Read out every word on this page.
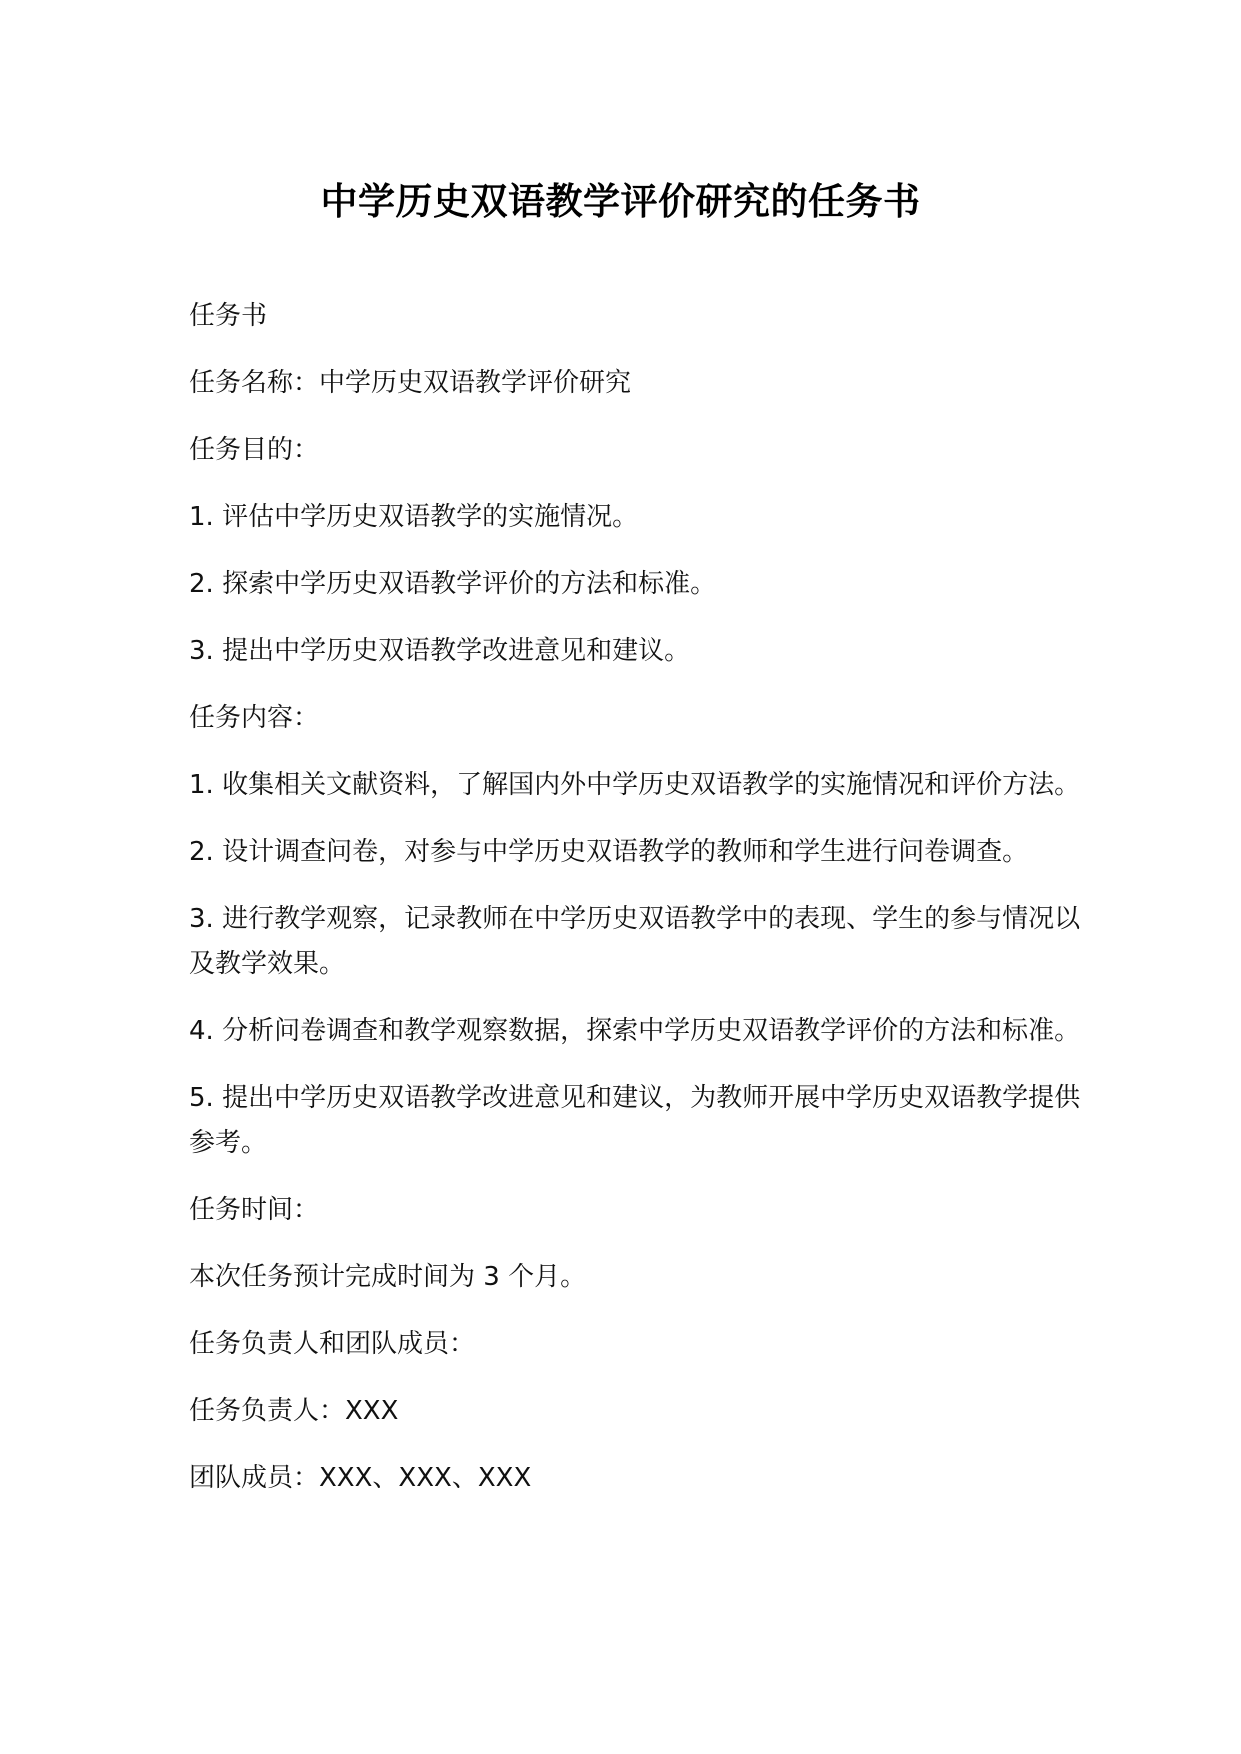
中学历史双语教学评价研究的任务书

任务书

任务名称：中学历史双语教学评价研究

任务目的：

1. 评估中学历史双语教学的实施情况。

2. 探索中学历史双语教学评价的方法和标准。

3. 提出中学历史双语教学改进意见和建议。

任务内容：

1. 收集相关文献资料，了解国内外中学历史双语教学的实施情况和评价方法。

2. 设计调查问卷，对参与中学历史双语教学的教师和学生进行问卷调查。

3. 进行教学观察，记录教师在中学历史双语教学中的表现、学生的参与情况以及教学效果。

4. 分析问卷调查和教学观察数据，探索中学历史双语教学评价的方法和标准。

5. 提出中学历史双语教学改进意见和建议，为教师开展中学历史双语教学提供参考。

任务时间：

本次任务预计完成时间为 3 个月。

任务负责人和团队成员：

任务负责人：XXX

团队成员：XXX、XXX、XXX
